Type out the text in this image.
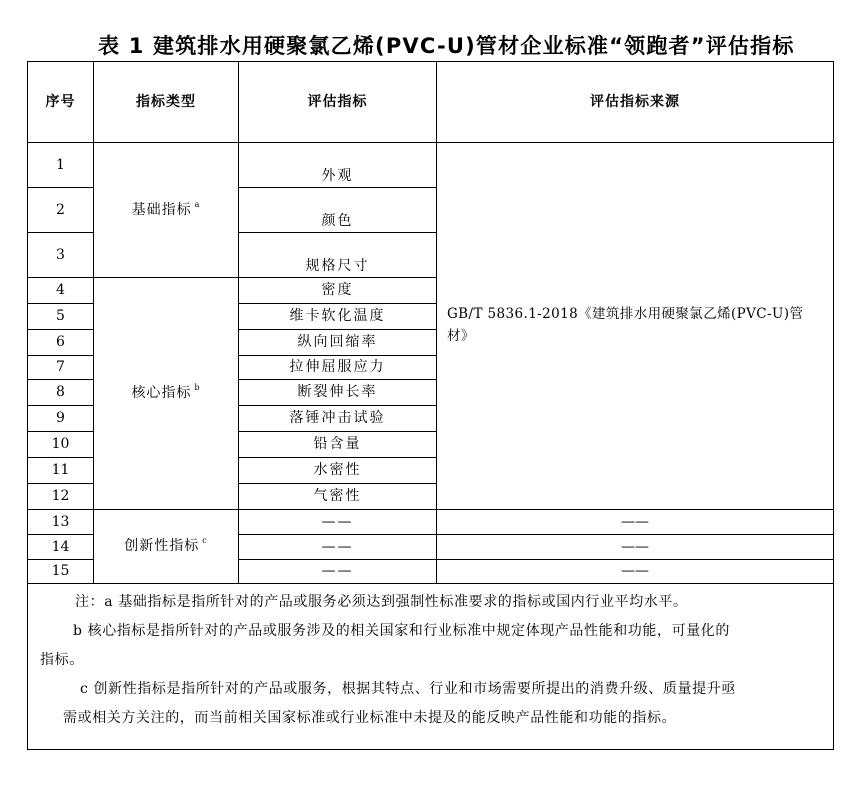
表 1 建筑排水用硬聚氯乙烯(PVC-U)管材企业标准“领跑者”评估指标
序号	指标类型	评估指标	评估指标来源
1	基础指标 $^a$	外观	GB/T 5836.1-2018《建筑排水用硬聚氯乙烯(PVC-U)管材》
2		颜色	
3		规格尺寸	
4	核心指标 $^b$	密度	
5		维卡软化温度	
6		纵向回缩率	
7		拉伸屈服应力	
8		断裂伸长率	
9		落锤冲击试验	
10		铅含量	
11		水密性	
12		气密性	
13	创新性指标 $^c$	——	——
14		——	——
15		——	——

注：a 基础指标是指所针对的产品或服务必须达到强制性标准要求的指标或国内行业平均水平。
b 核心指标是指所针对的产品或服务涉及的相关国家和行业标准中规定体现产品性能和功能，可量化的
指标。
c 创新性指标是指所针对的产品或服务，根据其特点、行业和市场需要所提出的消费升级、质量提升亟
需或相关方关注的，而当前相关国家标准或行业标准中未提及的能反映产品性能和功能的指标。			
